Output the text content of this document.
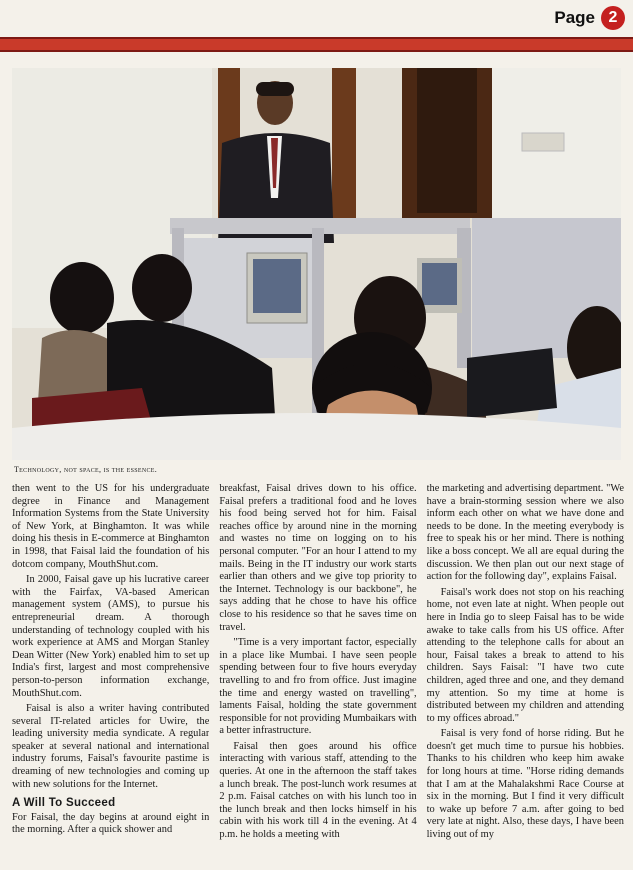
Page 2
Technology, not space, is the essence.

then went to the US for his undergraduate degree in Finance and Management Information Systems from the State University of New York, at Binghamton. It was while doing his thesis in E-commerce at Binghamton in 1998, that Faisal laid the foundation of his dotcom company, MouthShut.com.

In 2000, Faisal gave up his lucrative career with the Fairfax, VA-based American management system (AMS), to pursue his entrepreneurial dream. A thorough understanding of technology coupled with his work experience at AMS and Morgan Stanley Dean Witter (New York) enabled him to set up India's first, largest and most comprehensive person-to-person information exchange, MouthShut.com.

Faisal is also a writer having contributed several IT-related articles for Uwire, the leading university media syndicate. A regular speaker at several national and international industry forums, Faisal's favourite pastime is dreaming of new technologies and coming up with new solutions for the Internet.

A Will To Succeed

For Faisal, the day begins at around eight in the morning. After a quick shower and

breakfast, Faisal drives down to his office. Faisal prefers a traditional food and he loves his food being served hot for him. Faisal reaches office by around nine in the morning and wastes no time on logging on to his personal computer. "For an hour I attend to my mails. Being in the IT industry our work starts earlier than others and we give top priority to the Internet. Technology is our backbone", he says adding that he chose to have his office close to his residence so that he saves time on travel.

"Time is a very important factor, especially in a place like Mumbai. I have seen people spending between four to five hours everyday travelling to and fro from office. Just imagine the time and energy wasted on travelling", laments Faisal, holding the state government responsible for not providing Mumbaikars with a better infrastructure.

Faisal then goes around his office interacting with various staff, attending to the queries. At one in the afternoon the staff takes a lunch break. The post-lunch work resumes at 2 p.m. Faisal catches on with his lunch too in the lunch break and then locks himself in his cabin with his work till 4 in the evening. At 4 p.m. he holds a meeting with

the marketing and advertising department. "We have a brain-storming session where we also inform each other on what we have done and needs to be done. In the meeting everybody is free to speak his or her mind. There is nothing like a boss concept. We all are equal during the discussion. We then plan out our next stage of action for the following day", explains Faisal.

Faisal's work does not stop on his reaching home, not even late at night. When people out here in India go to sleep Faisal has to be wide awake to take calls from his US office. After attending to the telephone calls for about an hour, Faisal takes a break to attend to his children. Says Faisal: "I have two cute children, aged three and one, and they demand my attention. So my time at home is distributed between my children and attending to my offices abroad."

Faisal is very fond of horse riding. But he doesn't get much time to pursue his hobbies. Thanks to his children who keep him awake for long hours at time. "Horse riding demands that I am at the Mahalakshmi Race Course at six in the morning. But I find it very difficult to wake up before 7 a.m. after going to bed very late at night. Also, these days, I have been living out of my
